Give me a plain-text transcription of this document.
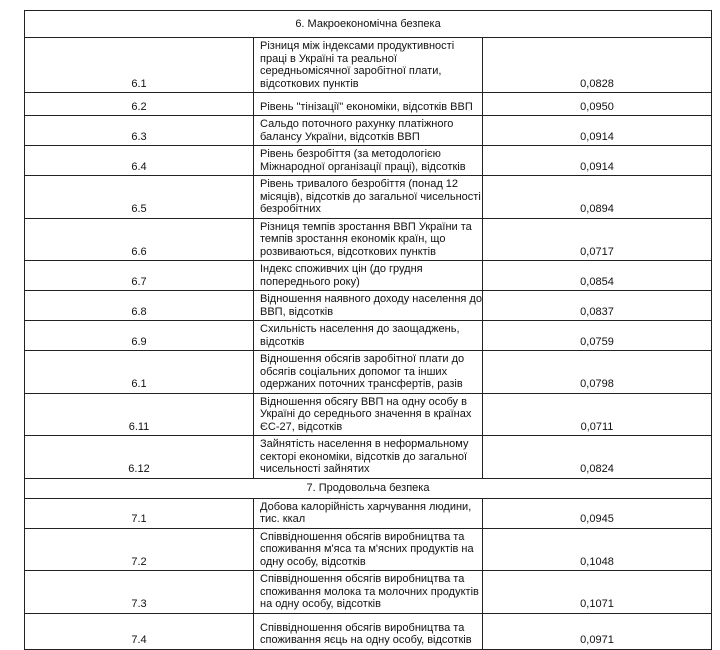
6. Макроекономічна безпека		
6.1	Різниця між індексами продуктивності праці в Україні та реальної середньомісячної заробітної плати, відсоткових пунктів	0,0828
6.2	Рівень "тінізації" економіки, відсотків ВВП	0,0950
6.3	Сальдо поточного рахунку платіжного балансу України, відсотків ВВП	0,0914
6.4	Рівень безробіття (за методологією Міжнародної організації праці), відсотків	0,0914
6.5	Рівень тривалого безробіття (понад 12 місяців), відсотків до загальної чисельності безробітних	0,0894
6.6	Різниця темпів зростання ВВП України та темпів зростання економік країн, що розвиваються, відсоткових пунктів	0,0717
6.7	Індекс споживчих цін (до грудня попереднього року)	0,0854
6.8	Відношення наявного доходу населення до ВВП, відсотків	0,0837
6.9	Схильність населення до заощаджень, відсотків	0,0759
6.1	Відношення обсягів заробітної плати до обсягів соціальних допомог та інших одержаних поточних трансфертів, разів	0,0798
6.11	Відношення обсягу ВВП на одну особу в Україні до середнього значення в країнах ЄС-27, відсотків	0,0711
6.12	Зайнятість населення в неформальному секторі економіки, відсотків до загальної чисельності зайнятих	0,0824
7. Продовольча безпека		
7.1	Добова калорійність харчування людини, тис. ккал	0,0945
7.2	Співвідношення обсягів виробництва та споживання м'яса та м'ясних продуктів на одну особу, відсотків	0,1048
7.3	Співвідношення обсягів виробництва та споживання молока та молочних продуктів на одну особу, відсотків	0,1071
7.4	Співвідношення обсягів виробництва та споживання яєць на одну особу, відсотків	0,0971
